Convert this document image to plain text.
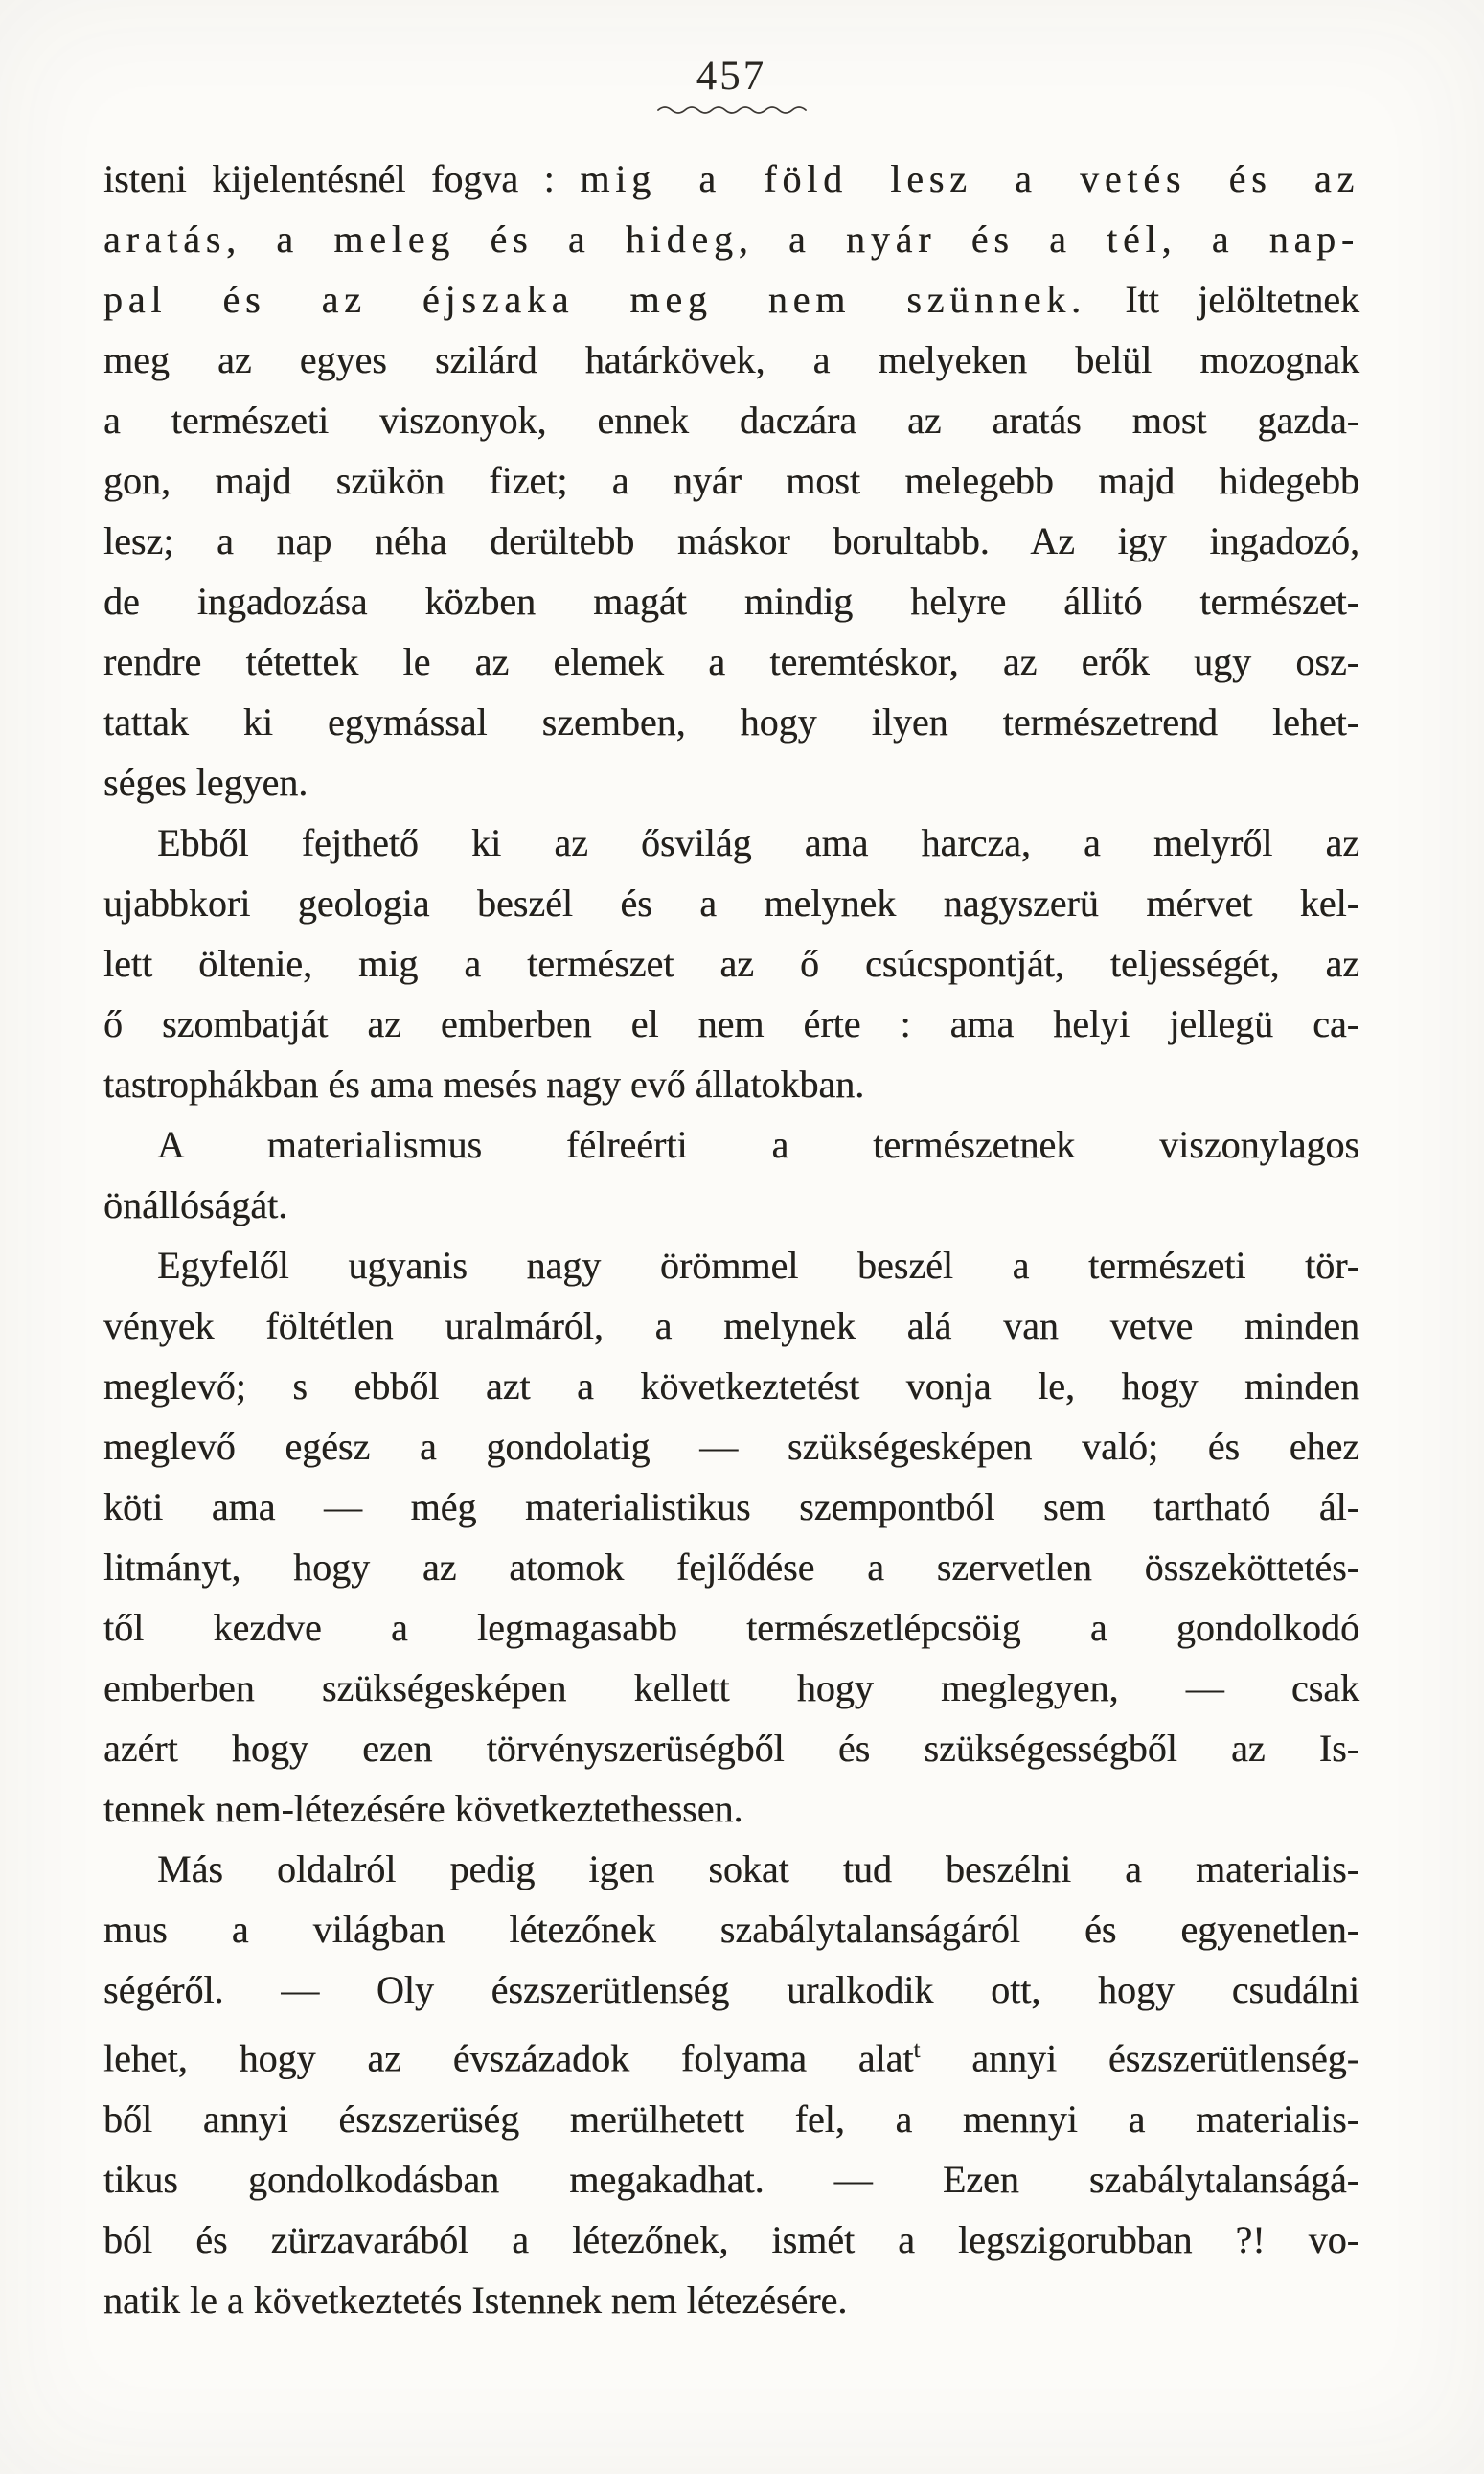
457
isteni kijelentésnél fogva : mig a föld lesz a vetés és az
aratás, a meleg és a hideg, a nyár és a tél, a nap-
pal és az éjszaka meg nem szünnek. Itt jelöltetnek
meg az egyes szilárd határkövek, a melyeken belül mozognak
a természeti viszonyok, ennek daczára az aratás most gazda-
gon, majd szükön fizet; a nyár most melegebb majd hidegebb
lesz; a nap néha derültebb máskor borultabb. Az igy ingadozó,
de ingadozása közben magát mindig helyre állitó természet-
rendre tétettek le az elemek a teremtéskor, az erők ugy osz-
tattak ki egymással szemben, hogy ilyen természetrend lehet-
séges legyen.
Ebből fejthető ki az ősvilág ama harcza, a melyről az
ujabbkori geologia beszél és a melynek nagyszerü mérvet kel-
lett öltenie, mig a természet az ő csúcspontját, teljességét, az
ő szombatját az emberben el nem érte : ama helyi jellegü ca-
tastrophákban és ama mesés nagy evő állatokban.
A materialismus félreérti a természetnek viszonylagos
önállóságát.
Egyfelől ugyanis nagy örömmel beszél a természeti tör-
vények föltétlen uralmáról, a melynek alá van vetve minden
meglevő; s ebből azt a következtetést vonja le, hogy minden
meglevő egész a gondolatig — szükségesképen való; és ehez
köti ama — még materialistikus szempontból sem tartható ál-
litmányt, hogy az atomok fejlődése a szervetlen összeköttetés-
től kezdve a legmagasabb természetlépcsöig a gondolkodó
emberben szükségesképen kellett hogy meglegyen, — csak
azért hogy ezen törvényszerüségből és szükségességből az Is-
tennek nem-létezésére következtethessen.
Más oldalról pedig igen sokat tud beszélni a materialis-
mus a világban létezőnek szabálytalanságáról és egyenetlen-
ségéről. — Oly észszerütlenség uralkodik ott, hogy csudálni
lehet, hogy az évszázadok folyama alat$^t$ annyi észszerütlenség-
ből annyi észszerüség merülhetett fel, a mennyi a materialis-
tikus gondolkodásban megakadhat. — Ezen szabálytalanságá-
ból és zürzavarából a létezőnek, ismét a legszigorubban ?! vo-
natik le a következtetés Istennek nem létezésére.
